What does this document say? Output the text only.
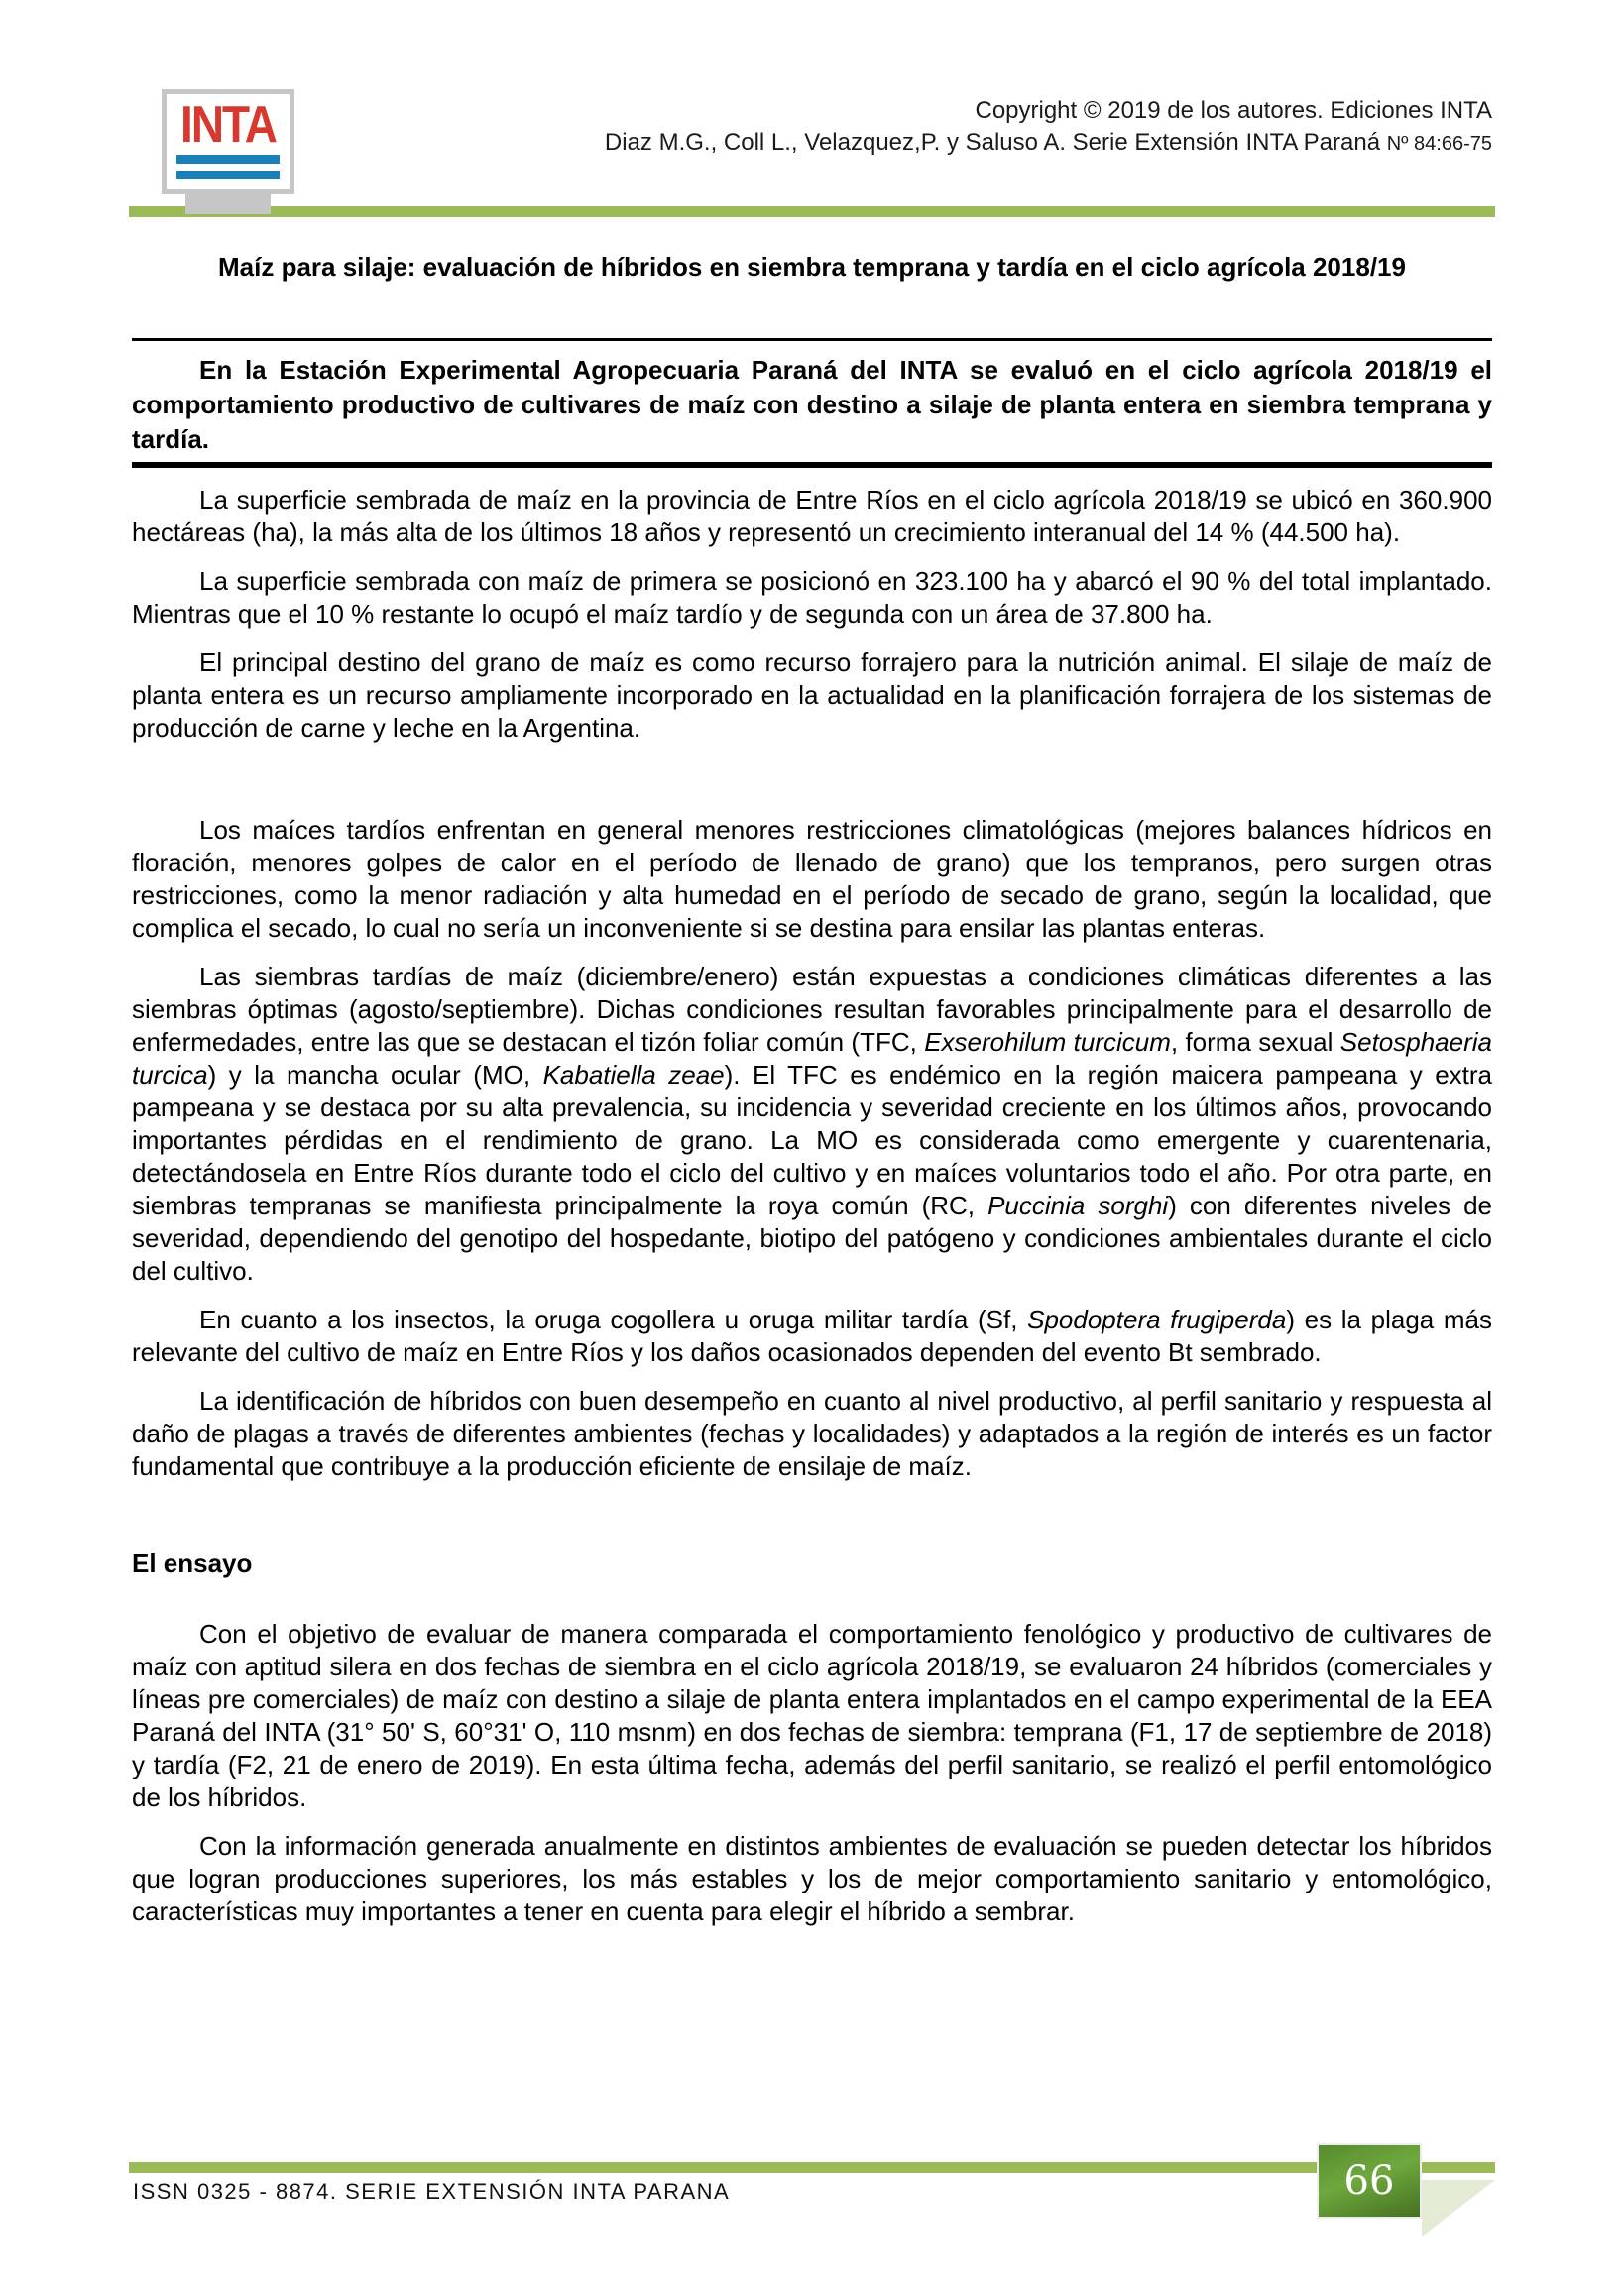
INTA	Copyright © 2019 de los autores. Ediciones INTA
Diaz M.G., Coll L., Velazquez,P. y Saluso A. Serie Extensión INTA Paraná Nº 84:66-75
Maíz para silaje: evaluación de híbridos en siembra temprana y tardía en el ciclo agrícola 2018/19

En la Estación Experimental Agropecuaria Paraná del INTA se evaluó en el ciclo agrícola 2018/19 el comportamiento productivo de cultivares de maíz con destino a silaje de planta entera en siembra temprana y tardía.

La superficie sembrada de maíz en la provincia de Entre Ríos en el ciclo agrícola 2018/19 se ubicó en 360.900 hectáreas (ha), la más alta de los últimos 18 años y representó un crecimiento interanual del 14 % (44.500 ha).

La superficie sembrada con maíz de primera se posicionó en 323.100 ha y abarcó el 90 % del total implantado. Mientras que el 10 % restante lo ocupó el maíz tardío y de segunda con un área de 37.800 ha.

El principal destino del grano de maíz es como recurso forrajero para la nutrición animal. El silaje de maíz de planta entera es un recurso ampliamente incorporado en la actualidad en la planificación forrajera de los sistemas de producción de carne y leche en la Argentina.

Los maíces tardíos enfrentan en general menores restricciones climatológicas (mejores balances hídricos en floración, menores golpes de calor en el período de llenado de grano) que los tempranos, pero surgen otras restricciones, como la menor radiación y alta humedad en el período de secado de grano, según la localidad, que complica el secado, lo cual no sería un inconveniente si se destina para ensilar las plantas enteras.

Las siembras tardías de maíz (diciembre/enero) están expuestas a condiciones climáticas diferentes a las siembras óptimas (agosto/septiembre). Dichas condiciones resultan favorables principalmente para el desarrollo de enfermedades, entre las que se destacan el tizón foliar común (TFC, Exserohilum turcicum, forma sexual Setosphaeria turcica) y la mancha ocular (MO, Kabatiella zeae). El TFC es endémico en la región maicera pampeana y extra pampeana y se destaca por su alta prevalencia, su incidencia y severidad creciente en los últimos años, provocando importantes pérdidas en el rendimiento de grano. La MO es considerada como emergente y cuarentenaria, detectándosela en Entre Ríos durante todo el ciclo del cultivo y en maíces voluntarios todo el año. Por otra parte, en siembras tempranas se manifiesta principalmente la roya común (RC, Puccinia sorghi) con diferentes niveles de severidad, dependiendo del genotipo del hospedante, biotipo del patógeno y condiciones ambientales durante el ciclo del cultivo.

En cuanto a los insectos, la oruga cogollera u oruga militar tardía (Sf, Spodoptera frugiperda) es la plaga más relevante del cultivo de maíz en Entre Ríos y los daños ocasionados dependen del evento Bt sembrado.

La identificación de híbridos con buen desempeño en cuanto al nivel productivo, al perfil sanitario y respuesta al daño de plagas a través de diferentes ambientes (fechas y localidades) y adaptados a la región de interés es un factor fundamental que contribuye a la producción eficiente de ensilaje de maíz.

El ensayo

Con el objetivo de evaluar de manera comparada el comportamiento fenológico y productivo de cultivares de maíz con aptitud silera en dos fechas de siembra en el ciclo agrícola 2018/19, se evaluaron 24 híbridos (comerciales y líneas pre comerciales) de maíz con destino a silaje de planta entera implantados en el campo experimental de la EEA Paraná del INTA (31° 50' S, 60°31' O, 110 msnm) en dos fechas de siembra: temprana (F1, 17 de septiembre de 2018) y tardía (F2, 21 de enero de 2019). En esta última fecha, además del perfil sanitario, se realizó el perfil entomológico de los híbridos.

Con la información generada anualmente en distintos ambientes de evaluación se pueden detectar los híbridos que logran producciones superiores, los más estables y los de mejor comportamiento sanitario y entomológico, características muy importantes a tener en cuenta para elegir el híbrido a sembrar.

ISSN 0325 - 8874. SERIE EXTENSIÓN INTA PARANA	66
